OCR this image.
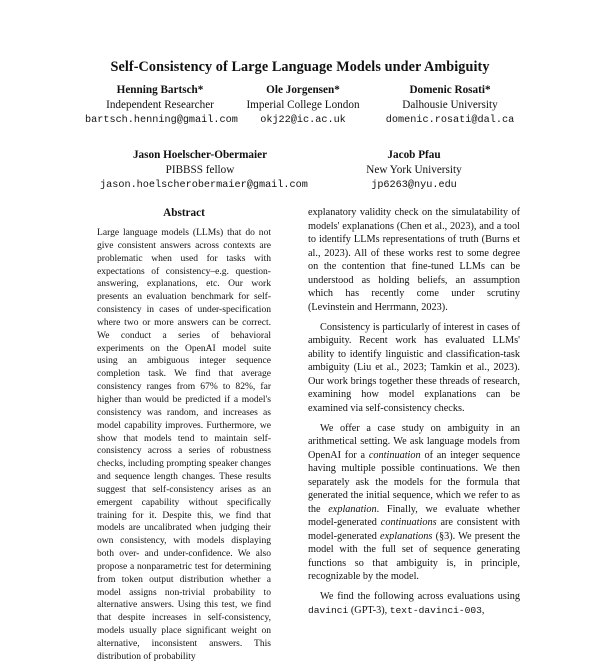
Self-Consistency of Large Language Models under Ambiguity
Henning Bartsch*
Independent Researcher
bartsch.henning@gmail.com
Ole Jorgensen*
Imperial College London
okj22@ic.ac.uk
Domenic Rosati*
Dalhousie University
domenic.rosati@dal.ca
Jason Hoelscher-Obermaier
PIBBSS fellow
jason.hoelscherobermaier@gmail.com
Jacob Pfau
New York University
jp6263@nyu.edu
Abstract
Large language models (LLMs) that do not give consistent answers across contexts are problematic when used for tasks with expectations of consistency–e.g. question-answering, explanations, etc. Our work presents an evaluation benchmark for self-consistency in cases of under-specification where two or more answers can be correct. We conduct a series of behavioral experiments on the OpenAI model suite using an ambiguous integer sequence completion task. We find that average consistency ranges from 67% to 82%, far higher than would be predicted if a model's consistency was random, and increases as model capability improves. Furthermore, we show that models tend to maintain self-consistency across a series of robustness checks, including prompting speaker changes and sequence length changes. These results suggest that self-consistency arises as an emergent capability without specifically training for it. Despite this, we find that models are uncalibrated when judging their own consistency, with models displaying both over- and under-confidence. We also propose a nonparametric test for determining from token output distribution whether a model assigns non-trivial probability to alternative answers. Using this test, we find that despite increases in self-consistency, models usually place significant weight on alternative, inconsistent answers. This distribution of probability

explanatory validity check on the simulatability of models' explanations (Chen et al., 2023), and a tool to identify LLMs representations of truth (Burns et al., 2023). All of these works rest to some degree on the contention that fine-tuned LLMs can be understood as holding beliefs, an assumption which has recently come under scrutiny (Levinstein and Herrmann, 2023).

Consistency is particularly of interest in cases of ambiguity. Recent work has evaluated LLMs' ability to identify linguistic and classification-task ambiguity (Liu et al., 2023; Tamkin et al., 2023). Our work brings together these threads of research, examining how model explanations can be examined via self-consistency checks.

We offer a case study on ambiguity in an arithmetical setting. We ask language models from OpenAI for a continuation of an integer sequence having multiple possible continuations. We then separately ask the models for the formula that generated the initial sequence, which we refer to as the explanation. Finally, we evaluate whether model-generated continuations are consistent with model-generated explanations (§3). We present the model with the full set of sequence generating functions so that ambiguity is, in principle, recognizable by the model.

We find the following across evaluations using davinci (GPT-3), text-davinci-003,
